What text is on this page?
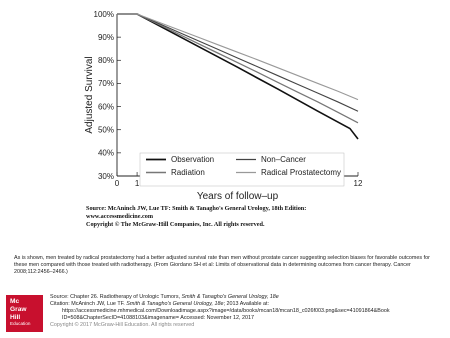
30%
40%
50%
60%
70%
80%
90%
100%
0 1	12
Years of follow–up
Adjusted Survival
Observation
Radiation
Non–Cancer
Radical Prostatectomy
Source: McAninch JW, Lue TF: Smith & Tanagho's General Urology, 18th Edition:
www.accessmedicine.com
Copyright © The McGraw-Hill Companies, Inc. All rights reserved.
As is shown, men treated by radical prostatectomy had a better adjusted survival rate than men without prostate cancer suggesting selection biases for favorable outcomes for these men compared with those treated with radiotherapy. (From Giordano SH et al: Limits of observational data in determining outcomes from cancer therapy. Cancer 2008;112:2456–2466.)
Mc
Graw
Hill
Education
Source: Chapter 26. Radiotherapy of Urologic Tumors, Smith & Tanagho's General Urology, 18e
Citation: McAninch JW, Lue TF. Smith & Tanagho's General Urology, 18e; 2013 Available at:
https://accessmedicine.mhmedical.com/Downloadimage.aspx?image=/data/books/mcan18/mcan18_c026f003.png&sec=41091864&Book
ID=508&ChapterSecID=41088103&imagename= Accessed: November 12, 2017
Copyright © 2017 McGraw-Hill Education. All rights reserved
